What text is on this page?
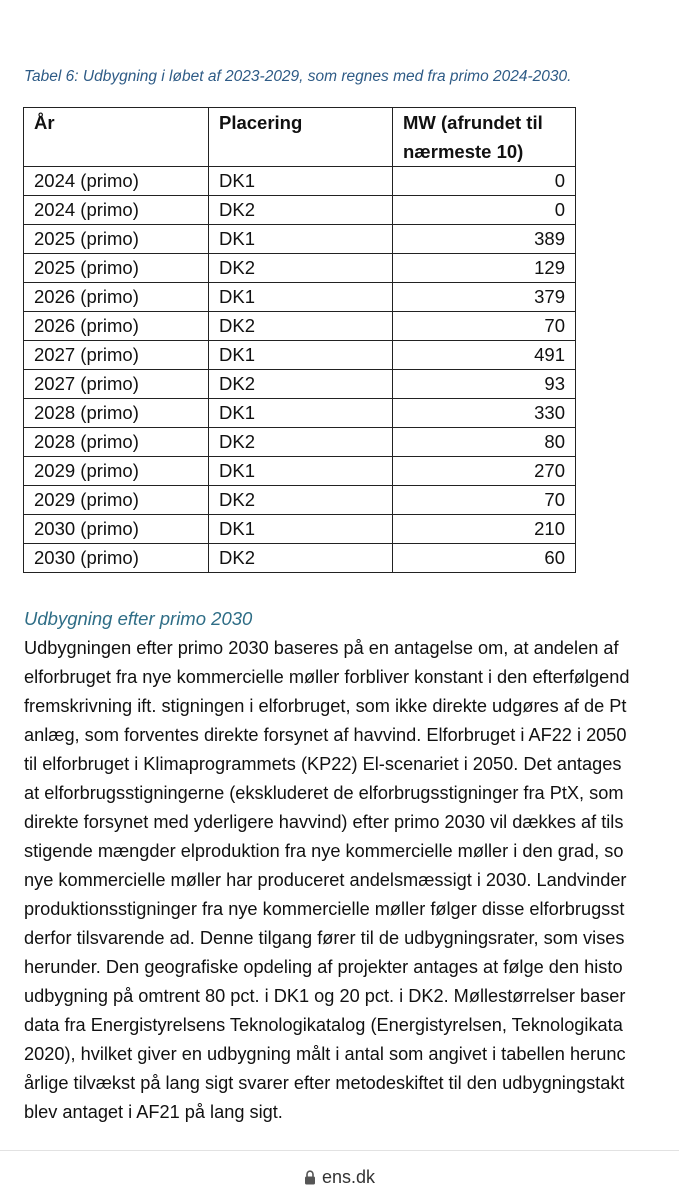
Tabel 6: Udbygning i løbet af 2023-2029, som regnes med fra primo 2024-2030.
År	Placering	MW (afrundet til
nærmeste 10)
2024 (primo)	DK1	0
2024 (primo)	DK2	0
2025 (primo)	DK1	389
2025 (primo)	DK2	129
2026 (primo)	DK1	379
2026 (primo)	DK2	70
2027 (primo)	DK1	491
2027 (primo)	DK2	93
2028 (primo)	DK1	330
2028 (primo)	DK2	80
2029 (primo)	DK1	270
2029 (primo)	DK2	70
2030 (primo)	DK1	210
2030 (primo)	DK2	60
Udbygning efter primo 2030
Udbygningen efter primo 2030 baseres på en antagelse om, at andelen af
elforbruget fra nye kommercielle møller forbliver konstant i den efterfølgend
fremskrivning ift. stigningen i elforbruget, som ikke direkte udgøres af de Pt
anlæg, som forventes direkte forsynet af havvind. Elforbruget i AF22 i 2050
til elforbruget i Klimaprogrammets (KP22) El-scenariet i 2050. Det antages
at elforbrugsstigningerne (ekskluderet de elforbrugsstigninger fra PtX, som
direkte forsynet med yderligere havvind) efter primo 2030 vil dækkes af tils
stigende mængder elproduktion fra nye kommercielle møller i den grad, so
nye kommercielle møller har produceret andelsmæssigt i 2030. Landvinder
produktionsstigninger fra nye kommercielle møller følger disse elforbrugsst
derfor tilsvarende ad. Denne tilgang fører til de udbygningsrater, som vises
herunder. Den geografiske opdeling af projekter antages at følge den histo
udbygning på omtrent 80 pct. i DK1 og 20 pct. i DK2. Møllestørrelser baser
data fra Energistyrelsens Teknologikatalog (Energistyrelsen, Teknologikata
2020), hvilket giver en udbygning målt i antal som angivet i tabellen herunc
årlige tilvækst på lang sigt svarer efter metodeskiftet til den udbygningstakt
blev antaget i AF21 på lang sigt.
ens.dk
